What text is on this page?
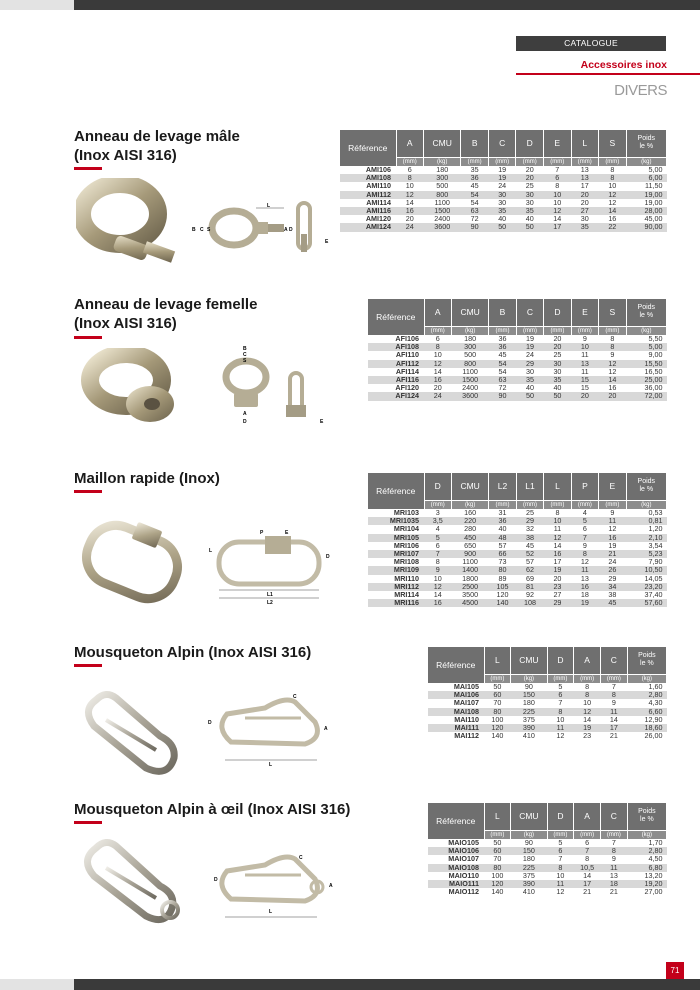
CATALOGUE
Accessoires inox
DIVERS
Anneau de levage mâle
(Inox AISI 316)
L
B C S	A D
E
Référence	A	CMU	B	C	D	E	L	S	Poids
le %

	(mm)	(kg)	(mm)	(mm)	(mm)	(mm)	(mm)	(mm)	(kg)
AMI106	6	180	35	19	20	7	13	8	5,00
AMI108	8	300	36	19	20	6	13	8	6,00
AMI110	10	500	45	24	25	8	17	10	11,50
AMI112	12	800	54	30	30	10	20	12	19,00
AMI114	14	1100	54	30	30	10	20	12	19,00
AMI116	16	1500	63	35	35	12	27	14	28,00
AMI120	20	2400	72	40	40	14	30	16	45,00
AMI124	24	3600	90	50	50	17	35	22	90,00
Anneau de levage femelle
(Inox AISI 316)
B
C
S
A
D	E
Référence	A	CMU	B	C	D	E	S	Poids
le %

	(mm)	(kg)	(mm)	(mm)	(mm)	(mm)	(mm)	(kg)
AFI106	6	180	36	19	20	9	8	5,50
AFI108	8	300	36	19	20	10	8	5,00
AFI110	10	500	45	24	25	11	9	9,00
AFI112	12	800	54	29	30	13	12	15,50
AFI114	14	1100	54	30	30	11	12	16,50
AFI116	16	1500	63	35	35	15	14	25,00
AFI120	20	2400	72	40	40	15	16	36,00
AFI124	24	3600	90	50	50	20	20	72,00
Maillon rapide (Inox)
P	E
L
D
L1
L2
Référence	D	CMU	L2	L1	L	P	E	Poids
le %

	(mm)	(kg)	(mm)	(mm)	(mm)	(mm)	(mm)	(kg)
MRI103	3	160	31	25	8	4	9	0,53
MRI1035	3,5	220	36	29	10	5	11	0,81
MRI104	4	280	40	32	11	6	12	1,20
MRI105	5	450	48	38	12	7	16	2,10
MRI106	6	650	57	45	14	9	19	3,54
MRI107	7	900	66	52	16	8	21	5,23
MRI108	8	1100	73	57	17	12	24	7,90
MRI109	9	1400	80	62	19	11	26	10,50
MRI110	10	1800	89	69	20	13	29	14,05
MRI112	12	2500	105	81	23	16	34	23,20
MRI114	14	3500	120	92	27	18	38	37,40
MRI116	16	4500	140	108	29	19	45	57,60
Mousqueton Alpin (Inox AISI 316)
C
D
A
L
Référence	L	CMU	D	A	C	Poids
le %

	(mm)	(kg)	(mm)	(mm)	(mm)	(kg)
MAI105	50	90	5	8	7	1,60
MAI106	60	150	6	8	8	2,80
MAI107	70	180	7	10	9	4,30
MAI108	80	225	8	12	11	6,60
MAI110	100	375	10	14	14	12,90
MAI111	120	390	11	19	17	18,60
MAI112	140	410	12	23	21	26,00
Mousqueton Alpin à œil (Inox AISI 316)
C
D
A
L
Référence	L	CMU	D	A	C	Poids
le %

	(mm)	(kg)	(mm)	(mm)	(mm)	(kg)
MAIO105	50	90	5	6	7	1,70
MAIO106	60	150	6	7	8	2,80
MAIO107	70	180	7	8	9	4,50
MAIO108	80	225	8	10,5	11	6,80
MAIO110	100	375	10	14	13	13,20
MAIO111	120	390	11	17	18	19,20
MAIO112	140	410	12	21	21	27,00
71
